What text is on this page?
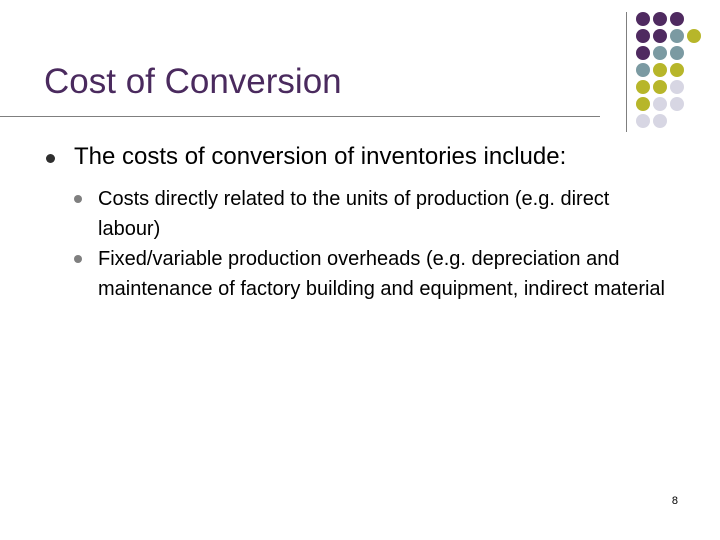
Cost of Conversion
The costs of conversion of inventories include:
Costs directly related to the units of production (e.g. direct labour)
Fixed/variable production overheads (e.g. depreciation and maintenance of factory building and equipment, indirect material
8
